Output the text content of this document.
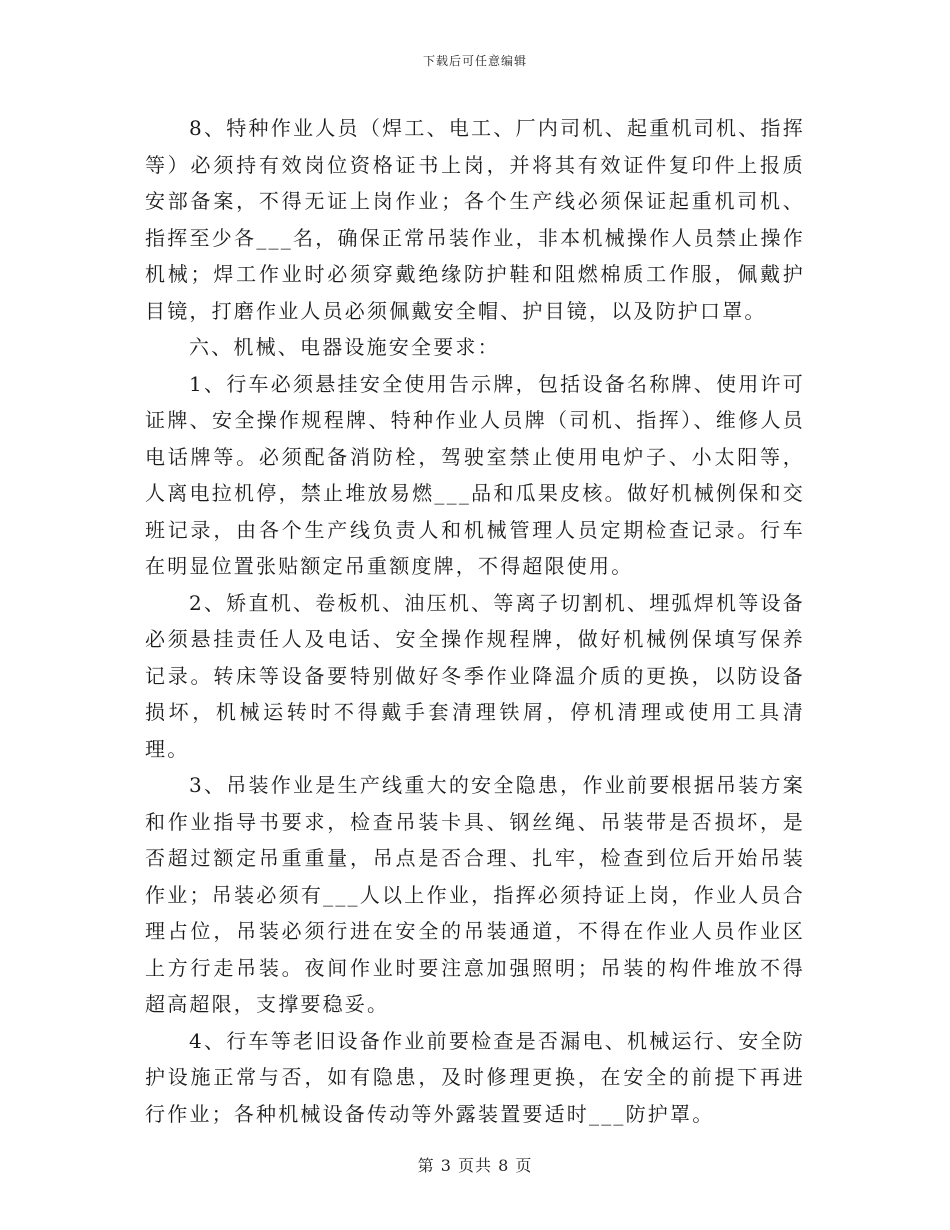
下载后可任意编辑

8、特种作业人员（焊工、电工、厂内司机、起重机司机、指挥等）必须持有效岗位资格证书上岗，并将其有效证件复印件上报质安部备案，不得无证上岗作业；各个生产线必须保证起重机司机、指挥至少各___名，确保正常吊装作业，非本机械操作人员禁止操作机械；焊工作业时必须穿戴绝缘防护鞋和阻燃棉质工作服，佩戴护目镜，打磨作业人员必须佩戴安全帽、护目镜，以及防护口罩。

六、机械、电器设施安全要求：

1、行车必须悬挂安全使用告示牌，包括设备名称牌、使用许可证牌、安全操作规程牌、特种作业人员牌（司机、指挥）、维修人员电话牌等。必须配备消防栓，驾驶室禁止使用电炉子、小太阳等，人离电拉机停，禁止堆放易燃___品和瓜果皮核。做好机械例保和交班记录，由各个生产线负责人和机械管理人员定期检查记录。行车在明显位置张贴额定吊重额度牌，不得超限使用。

2、矫直机、卷板机、油压机、等离子切割机、埋弧焊机等设备必须悬挂责任人及电话、安全操作规程牌，做好机械例保填写保养记录。转床等设备要特别做好冬季作业降温介质的更换，以防设备损坏，机械运转时不得戴手套清理铁屑，停机清理或使用工具清理。

3、吊装作业是生产线重大的安全隐患，作业前要根据吊装方案和作业指导书要求，检查吊装卡具、钢丝绳、吊装带是否损坏，是否超过额定吊重重量，吊点是否合理、扎牢，检查到位后开始吊装作业；吊装必须有___人以上作业，指挥必须持证上岗，作业人员合理占位，吊装必须行进在安全的吊装通道，不得在作业人员作业区上方行走吊装。夜间作业时要注意加强照明；吊装的构件堆放不得超高超限，支撑要稳妥。

4、行车等老旧设备作业前要检查是否漏电、机械运行、安全防护设施正常与否，如有隐患，及时修理更换，在安全的前提下再进行作业；各种机械设备传动等外露装置要适时___防护罩。

第 3 页共 8 页
